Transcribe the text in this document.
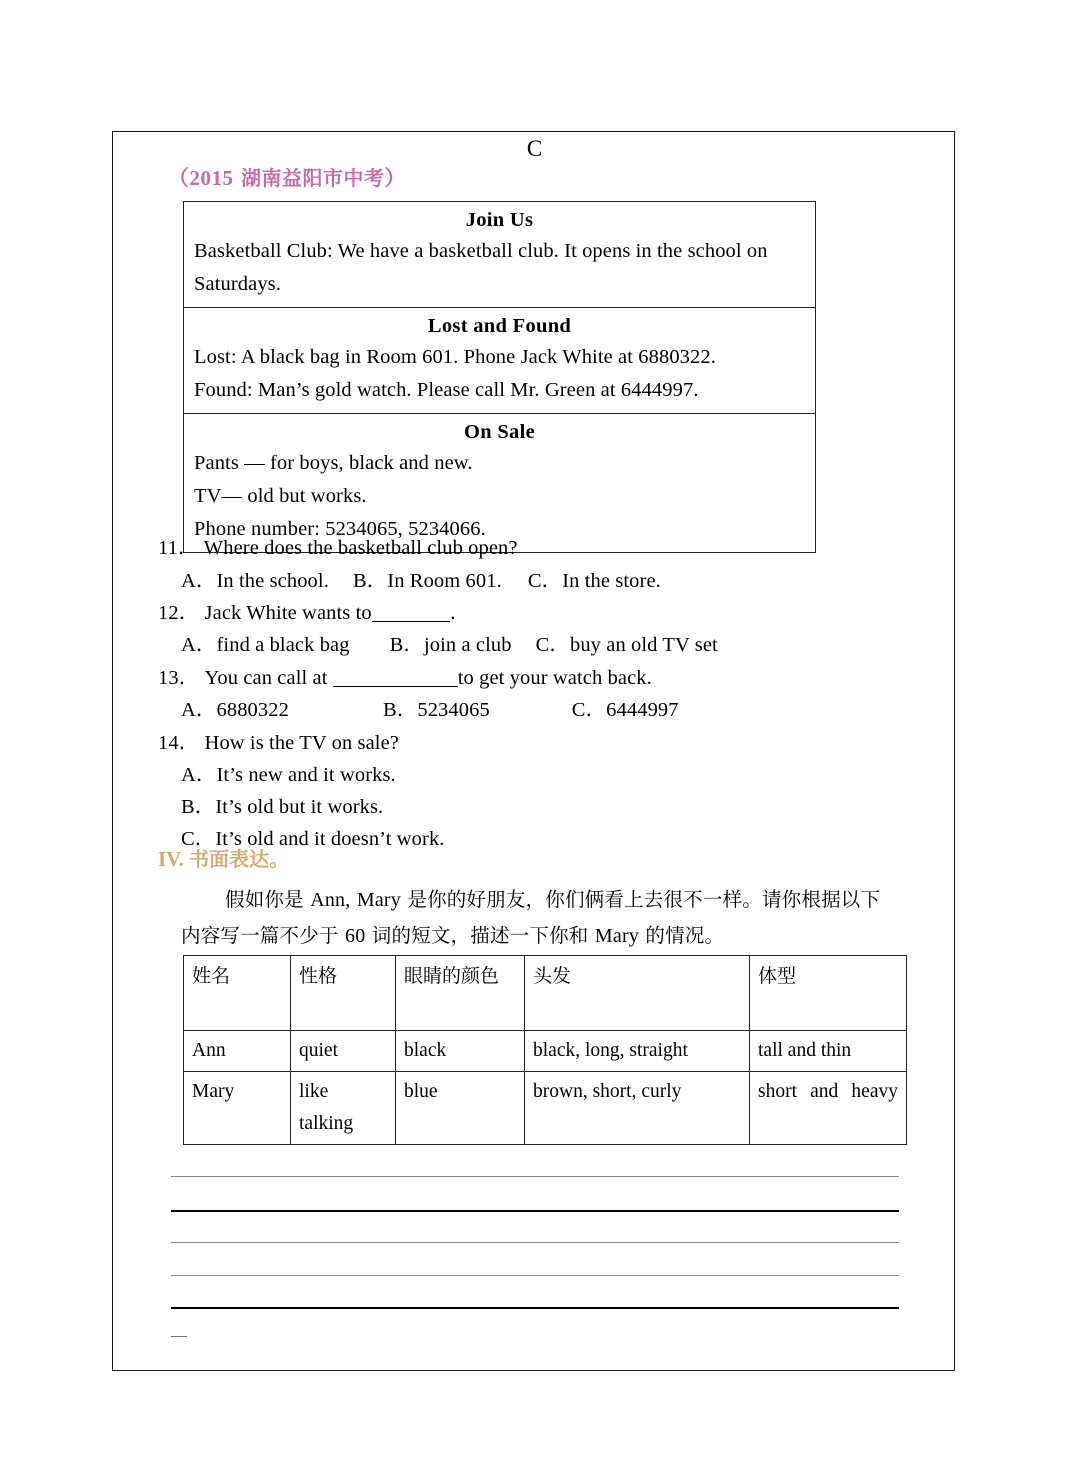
C
（2015 湖南益阳市中考）
Join Us
Basketball Club: We have a basketball club. It opens in the school on Saturdays.
Lost and Found
Lost: A black bag in Room 601. Phone Jack White at 6880322.
Found: Man’s gold watch. Please call Mr. Green at 6444997.
On Sale
Pants — for boys, black and new.
TV— old but works.
Phone number: 5234065, 5234066.
11． Where does the basketball club open?
A．In the school. B．In Room 601. C．In the store.
12． Jack White wants to	．
A．find a black bag B．join a club C．buy an old TV set
13． You can call at	to get your watch back.
A．6880322	B．5234065	C．6444997
14． How is the TV on sale?
A．It’s new and it works.
B．It’s old but it works.
C．It’s old and it doesn’t work.
IV. 书面表达。
假如你是 Ann, Mary 是你的好朋友，你们俩看上去很不一样。请你根据以下内容写一篇不少于 60 词的短文，描述一下你和 Mary 的情况。
姓名	性格	眼睛的颜色	头发	体型
Ann	quiet	black	black, long, straight	tall and thin
Mary	like talking	blue	brown, short, curly	short and heavy
